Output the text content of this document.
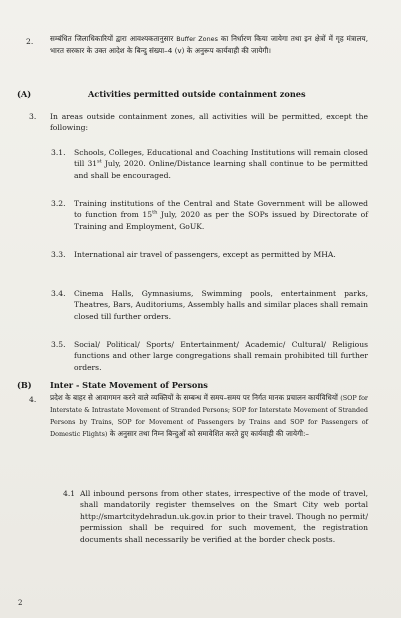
2. सम्बंधित जिलाधिकारियों द्वारा आवश्यकतानुसार Buffer Zones का निर्धारण किया जायेगा तथा इन क्षेत्रों में गृह मंत्रालय, भारत सरकार के उक्त आदेश के बिन्दु संख्या–4 (v) के अनुरूप कार्यवाही की जायेगी।
(A)	Activities permitted outside containment zones
3. In areas outside containment zones, all activities will be permitted, except the following:
3.1. Schools, Colleges, Educational and Coaching Institutions will remain closed till 31st July, 2020. Online/Distance learning shall continue to be permitted and shall be encouraged.
3.2. Training institutions of the Central and State Government will be allowed to function from 15th July, 2020 as per the SOPs issued by Directorate of Training and Employment, GoUK.
3.3. International air travel of passengers, except as permitted by MHA.
3.4. Cinema Halls, Gymnasiums, Swimming pools, entertainment parks, Theatres, Bars, Auditoriums, Assembly halls and similar places shall remain closed till further orders.
3.5. Social/ Political/ Sports/ Entertainment/ Academic/ Cultural/ Religious functions and other large congregations shall remain prohibited till further orders.
(B) Inter - State Movement of Persons
4. प्रदेश के बाहर से आवागमन करने वाले व्यक्तियों के सम्बन्ध में समय–समय पर निर्गत मानक प्रचालन कार्यविधियों (SOP for Interstate & Intrastate Movement of Stranded Persons; SOP for Interstate Movement of Stranded Persons by Trains, SOP for Movement of Passengers by Trains and SOP for Passengers of Domestic Flights) के अनुसार तथा निम्न बिन्दुओं को समावेशित करते हुए कार्यवाही की जायेगी:–
4.1 All inbound persons from other states, irrespective of the mode of travel, shall mandatorily register themselves on the Smart City web portal http://smartcitydehradun.uk.gov.in prior to their travel. Though no permit/ permission shall be required for such movement, the registration documents shall necessarily be verified at the border check posts.
2
